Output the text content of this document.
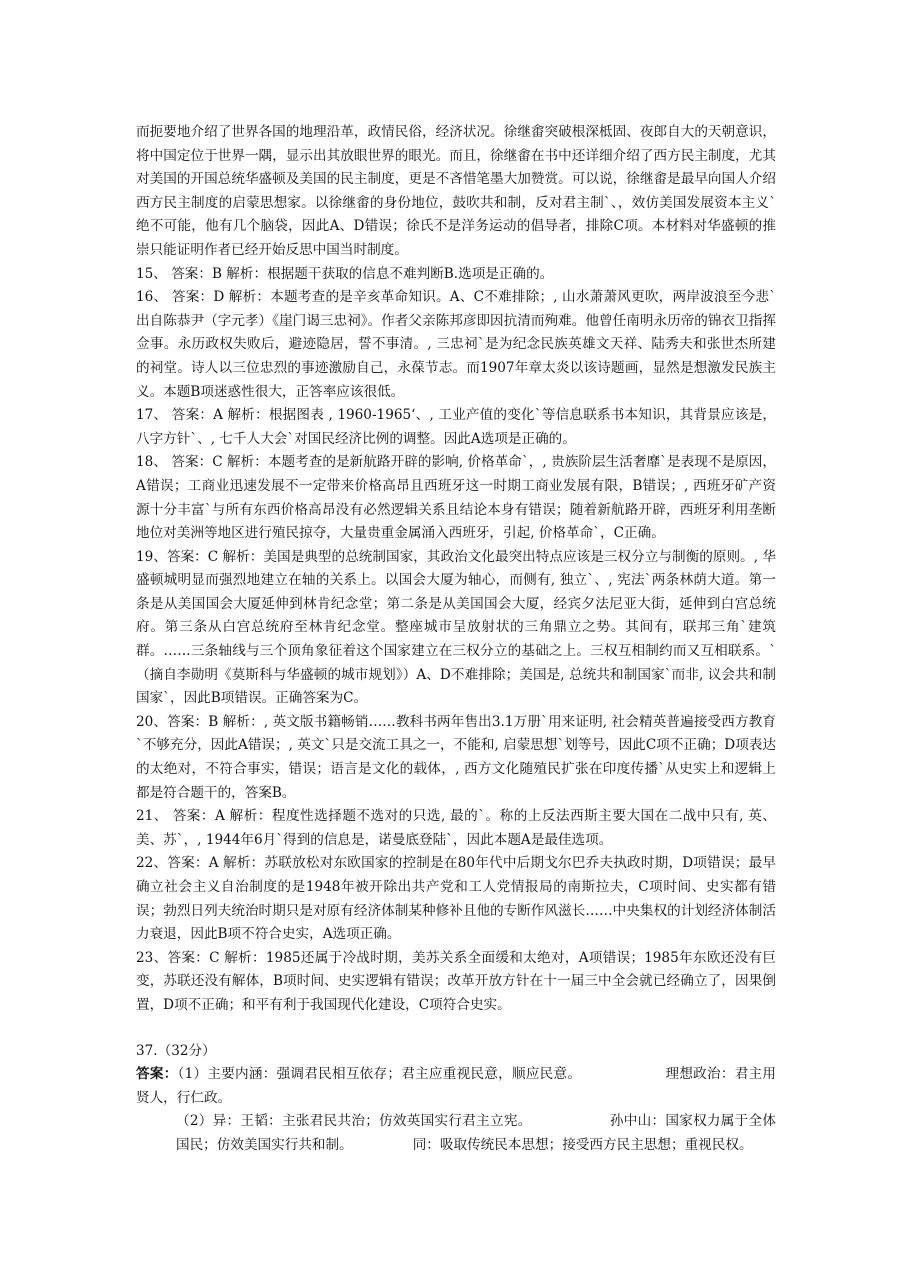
而扼要地介绍了世界各国的地理沿革，政情民俗，经济状况。徐继畬突破根深柢固、夜郎自大的天朝意识，将中国定位于世界一隅，显示出其放眼世界的眼光。而且，徐继畬在书中还详细介绍了西方民主制度，尤其对美国的开国总统华盛顿及美国的民主制度，更是不吝惜笔墨大加赞赏。可以说，徐继畬是最早向国人介绍西方民主制度的启蒙思想家。以徐继畬的身份地位，鼓吹共和制，反对君主制`、，效仿美国发展资本主义`绝不可能，他有几个脑袋，因此A、D错误；徐氏不是洋务运动的倡导者，排除C项。本材料对华盛顿的推崇只能证明作者已经开始反思中国当时制度。

15、 答案：B 解析：根据题干获取的信息不难判断B.选项是正确的。

16、 答案：D 解析：本题考查的是辛亥革命知识。A、C不难排除；, 山水萧萧风更吹，两岸波浪至今悲`出自陈恭尹（字元孝）《崖门谒三忠祠》。作者父亲陈邦彦即因抗清而殉难。他曾任南明永历帝的锦衣卫指挥佥事。永历政权失败后，避迹隐居，誓不事清。, 三忠祠`是为纪念民族英雄文天祥、陆秀夫和张世杰所建的祠堂。诗人以三位忠烈的事迹激励自己，永葆节志。而1907年章太炎以该诗题画，显然是想激发民族主义。本题B项迷惑性很大，正答率应该很低。

17、 答案：A 解析：根据图表 , 1960-1965‘、, 工业产值的变化`等信息联系书本知识，其背景应该是，八字方针`、, 七千人大会`对国民经济比例的调整。因此A选项是正确的。

18、 答案：C 解析：本题考查的是新航路开辟的影响, 价格革命`，, 贵族阶层生活奢靡`是表现不是原因，A错误；工商业迅速发展不一定带来价格高昂且西班牙这一时期工商业发展有限，B错误；, 西班牙矿产资源十分丰富`与所有东西价格高昂没有必然逻辑关系且结论本身有错误；随着新航路开辟，西班牙利用垄断地位对美洲等地区进行殖民掠夺，大量贵重金属涌入西班牙，引起, 价格革命`，C正确。

19、答案：C 解析：美国是典型的总统制国家，其政治文化最突出特点应该是三权分立与制衡的原则。, 华盛顿城明显而强烈地建立在轴的关系上。以国会大厦为轴心，而侧有, 独立`、, 宪法`两条林荫大道。第一条是从美国国会大厦延伸到林肯纪念堂；第二条是从美国国会大厦，经宾夕法尼亚大街，延伸到白宫总统府。第三条从白宫总统府至林肯纪念堂。整座城市呈放射状的三角鼎立之势。其间有，联邦三角`建筑群。……三条轴线与三个顶角象征着这个国家建立在三权分立的基础之上。三权互相制约而又互相联系。`（摘自李勋明《莫斯科与华盛顿的城市规划》）A、D不难排除；美国是, 总统共和制国家`而非, 议会共和制国家`，因此B项错误。正确答案为C。

20、答案：B 解析：, 英文版书籍畅销……教科书两年售出3.1万册`用来证明, 社会精英普遍接受西方教育`不够充分，因此A错误；, 英文`只是交流工具之一，不能和, 启蒙思想`划等号，因此C项不正确；D项表达的太绝对，不符合事实，错误；语言是文化的载体，, 西方文化随殖民扩张在印度传播`从史实上和逻辑上都是符合题干的，答案B。

21、 答案：A 解析：程度性选择题不选对的只选, 最的`。称的上反法西斯主要大国在二战中只有, 英、美、苏`，, 1944年6月`得到的信息是，诺曼底登陆`，因此本题A是最佳选项。

22、答案：A 解析：苏联放松对东欧国家的控制是在80年代中后期戈尔巴乔夫执政时期，D项错误；最早确立社会主义自治制度的是1948年被开除出共产党和工人党情报局的南斯拉夫，C项时间、史实都有错误；勃烈日列夫统治时期只是对原有经济体制某种修补且他的专断作风滋长……中央集权的计划经济体制活力衰退，因此B项不符合史实，A选项正确。

23、答案：C 解析：1985还属于冷战时期，美苏关系全面缓和太绝对，A项错误；1985年东欧还没有巨变，苏联还没有解体，B项时间、史实逻辑有错误；改革开放方针在十一届三中全会就已经确立了，因果倒置，D项不正确；和平有利于我国现代化建设，C项符合史实。

37.（32分）

答案：（1）主要内涵：强调君民相互依存；君主应重视民意，顺应民意。	理想政治：君主用贤人，行仁政。

（2）异：王韬：主张君民共治；仿效英国实行君主立宪。	孙中山：国家权力属于全体国民；仿效美国实行共和制。	同：吸取传统民本思想；接受西方民主思想；重视民权。
